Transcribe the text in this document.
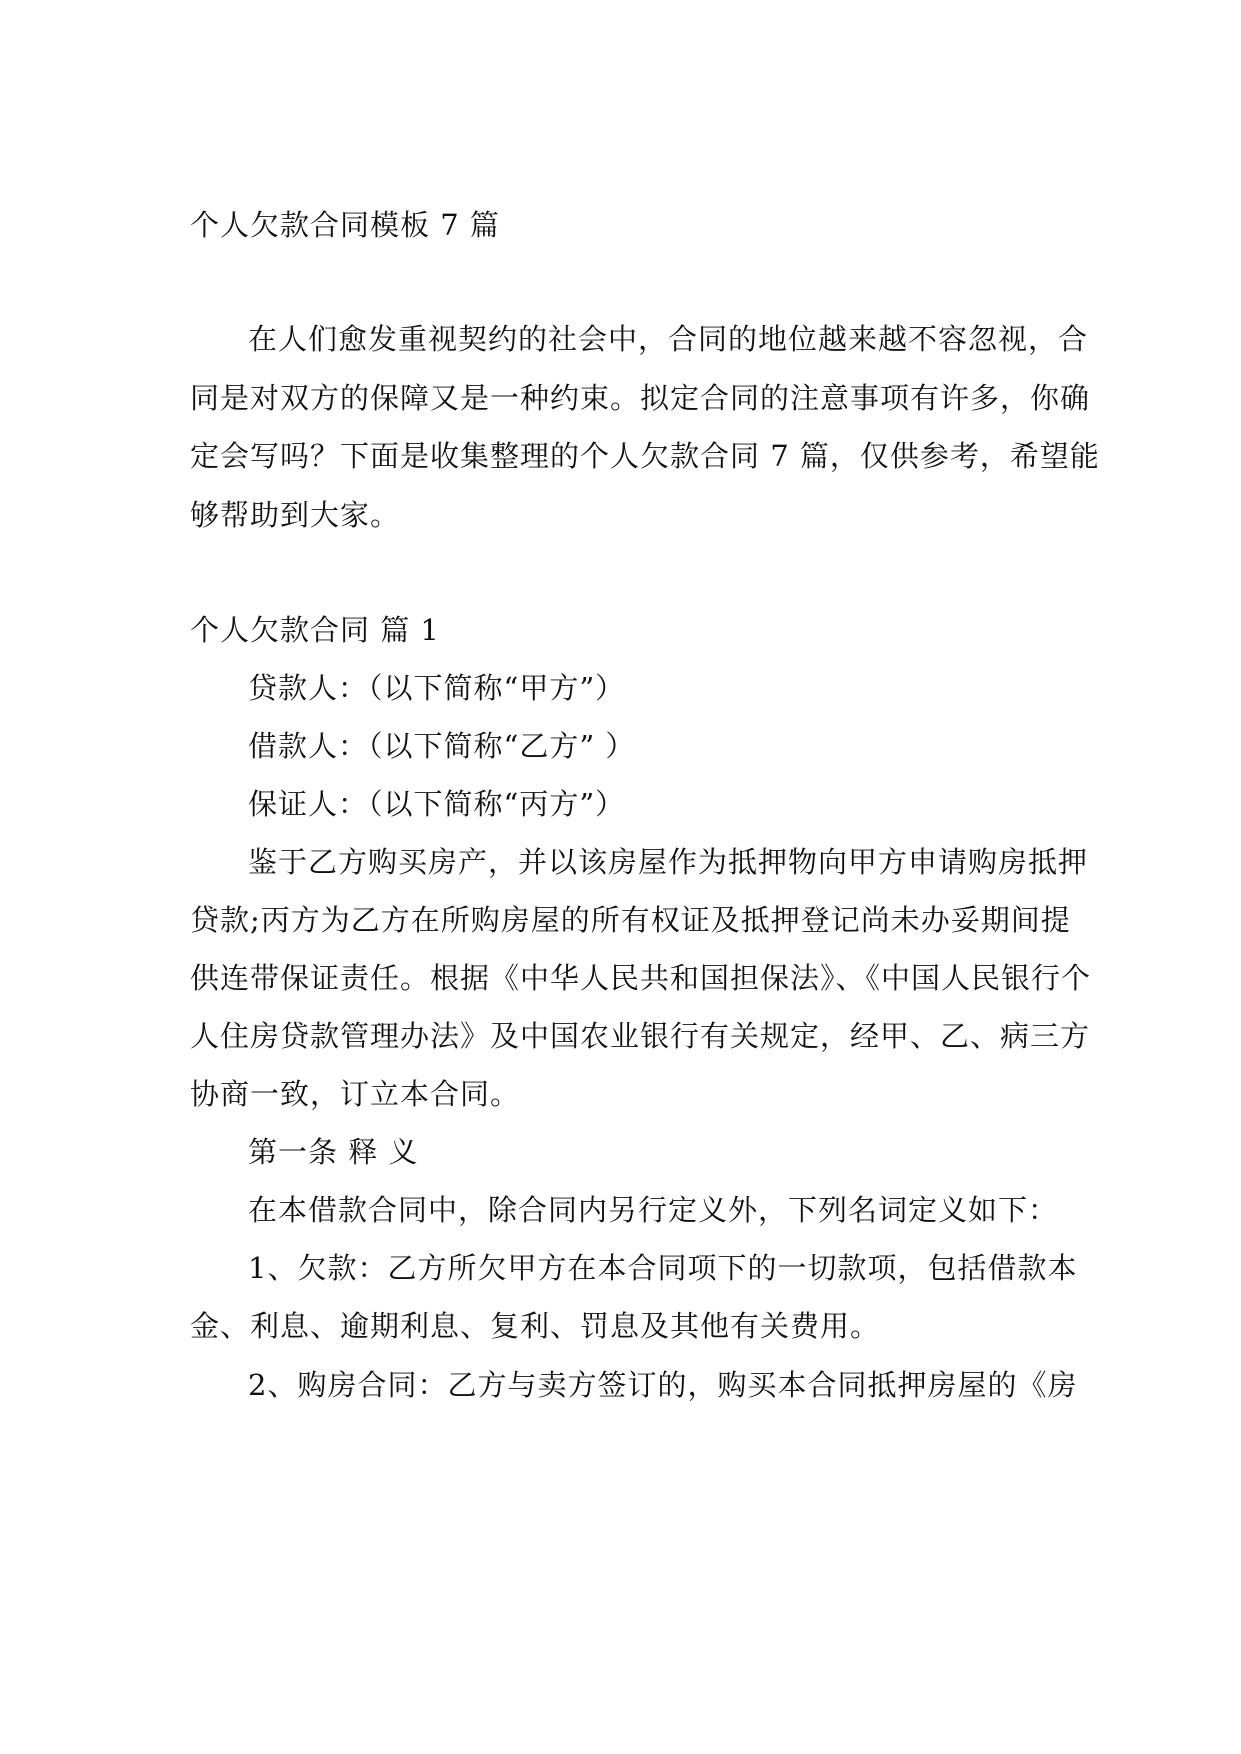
个人欠款合同模板 7 篇
在人们愈发重视契约的社会中，合同的地位越来越不容忽视，合
同是对双方的保障又是一种约束。拟定合同的注意事项有许多，你确
定会写吗？下面是收集整理的个人欠款合同 7 篇，仅供参考，希望能
够帮助到大家。
个人欠款合同 篇 1
贷款人：（以下简称“甲方”）
借款人：（以下简称“乙方” ）
保证人：（以下简称“丙方”）
鉴于乙方购买房产，并以该房屋作为抵押物向甲方申请购房抵押
贷款;丙方为乙方在所购房屋的所有权证及抵押登记尚未办妥期间提
供连带保证责任。根据《中华人民共和国担保法》、《中国人民银行个
人住房贷款管理办法》及中国农业银行有关规定，经甲、乙、病三方
协商一致，订立本合同。
第一条 释 义
在本借款合同中，除合同内另行定义外，下列名词定义如下：
1、欠款：乙方所欠甲方在本合同项下的一切款项，包括借款本
金、利息、逾期利息、复利、罚息及其他有关费用。
2、购房合同：乙方与卖方签订的，购买本合同抵押房屋的《房
